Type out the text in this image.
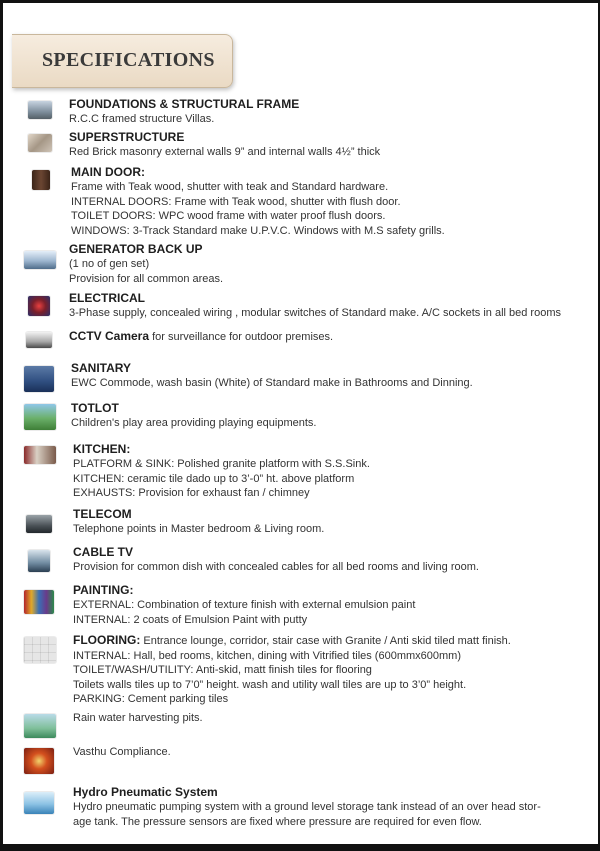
SPECIFICATIONS
FOUNDATIONS & STRUCTURAL FRAME
R.C.C framed structure Villas.
SUPERSTRUCTURE
Red Brick masonry external walls 9” and internal walls 4½” thick
MAIN DOOR:
Frame with Teak wood, shutter with teak and Standard hardware.
INTERNAL DOORS: Frame with Teak wood, shutter with flush door.
TOILET DOORS: WPC wood frame with water proof flush doors.
WINDOWS: 3-Track Standard make U.P.V.C. Windows with M.S safety grills.
GENERATOR BACK UP
(1 no of gen set)
Provision for all common areas.
ELECTRICAL
3-Phase supply, concealed wiring , modular switches of Standard make. A/C sockets in all bed rooms
CCTV Camera for surveillance for outdoor premises.
SANITARY
EWC Commode, wash basin (White) of Standard make in Bathrooms and Dinning.
TOTLOT
Children's play area providing playing equipments.
KITCHEN:
PLATFORM & SINK: Polished granite platform with S.S.Sink.
KITCHEN: ceramic tile dado up to 3’-0” ht. above platform
EXHAUSTS: Provision for exhaust fan / chimney
TELECOM
Telephone points in Master bedroom & Living room.
CABLE TV
Provision for common dish with concealed cables for all bed rooms and living room.
PAINTING:
EXTERNAL: Combination of texture finish with external emulsion paint
INTERNAL: 2 coats of Emulsion Paint with putty
FLOORING: Entrance lounge, corridor, stair case with Granite / Anti skid tiled matt finish.
INTERNAL: Hall, bed rooms, kitchen, dining with Vitrified tiles (600mmx600mm)
TOILET/WASH/UTILITY: Anti-skid, matt finish tiles for flooring
Toilets walls tiles up to 7’0” height. wash and utility wall tiles are up to 3’0” height.
PARKING: Cement parking tiles
Rain water harvesting pits.
Vasthu Compliance.
Hydro Pneumatic System
Hydro pneumatic pumping system with a ground level storage tank instead of an over head stor-
age tank. The pressure sensors are fixed where pressure are required for even flow.
